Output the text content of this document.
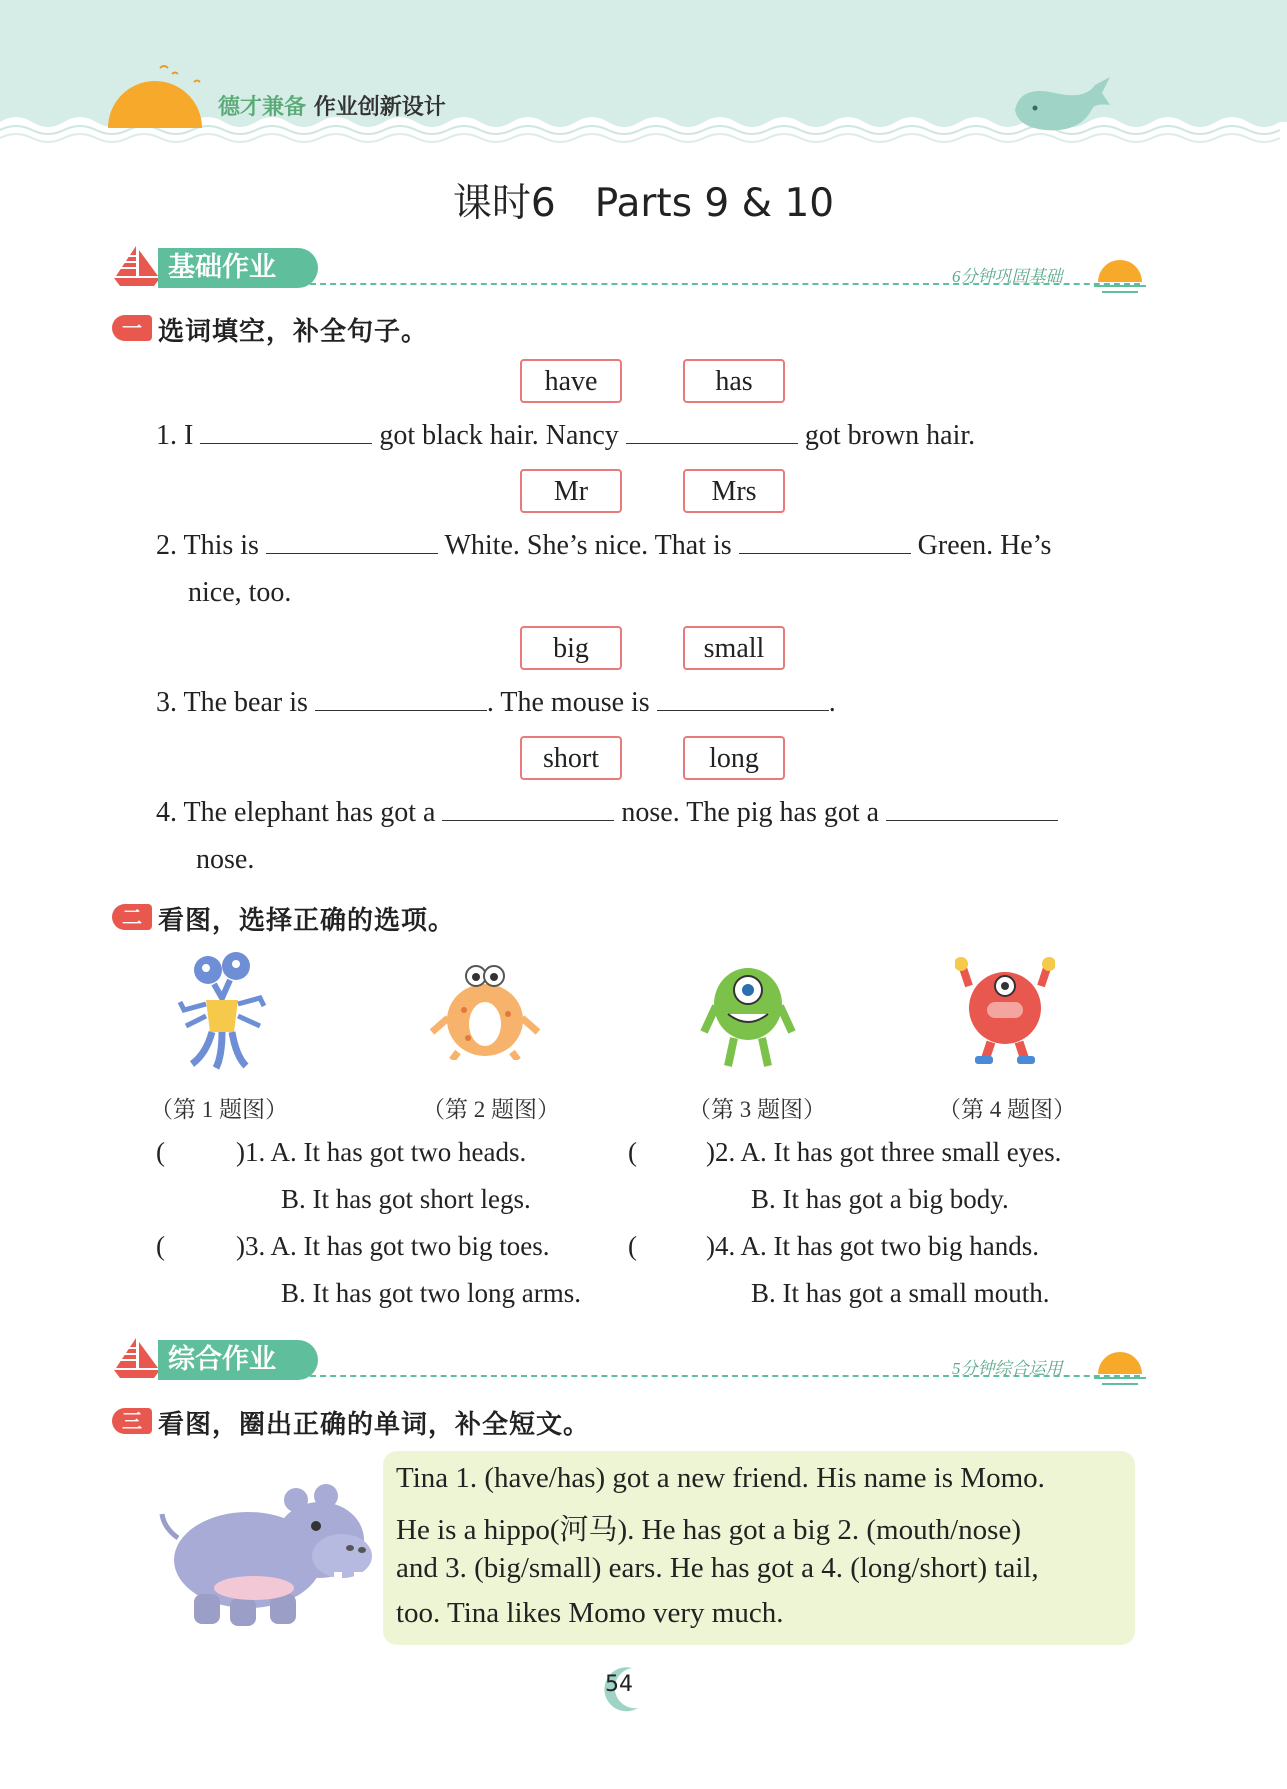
德才兼备 作业创新设计
课时6　Parts 9 & 10
基础作业	6分钟巩固基础
一 选词填空，补全句子。
have	has
1. I	got black hair. Nancy	got brown hair.
Mr	Mrs
2. This is	White. She’s nice. That is	Green. He’s
nice, too.
big	small
3. The bear is	. The mouse is	.
short	long
4. The elephant has got a	nose. The pig has got a
nose.
二 看图，选择正确的选项。
（第 1 题图）	（第 2 题图）	（第 3 题图）	（第 4 题图）
(	)1. A. It has got two heads.
B. It has got short legs.
(	)2. A. It has got three small eyes.
B. It has got a big body.
(	)3. A. It has got two big toes.
B. It has got two long arms.
(	)4. A. It has got two big hands.
B. It has got a small mouth.
综合作业	5分钟综合运用
三 看图，圈出正确的单词，补全短文。
Tina 1. (have/has) got a new friend. His name is Momo.
He is a hippo(河马). He has got a big 2. (mouth/nose)
and 3. (big/small) ears. He has got a 4. (long/short) tail,
too. Tina likes Momo very much.
54
